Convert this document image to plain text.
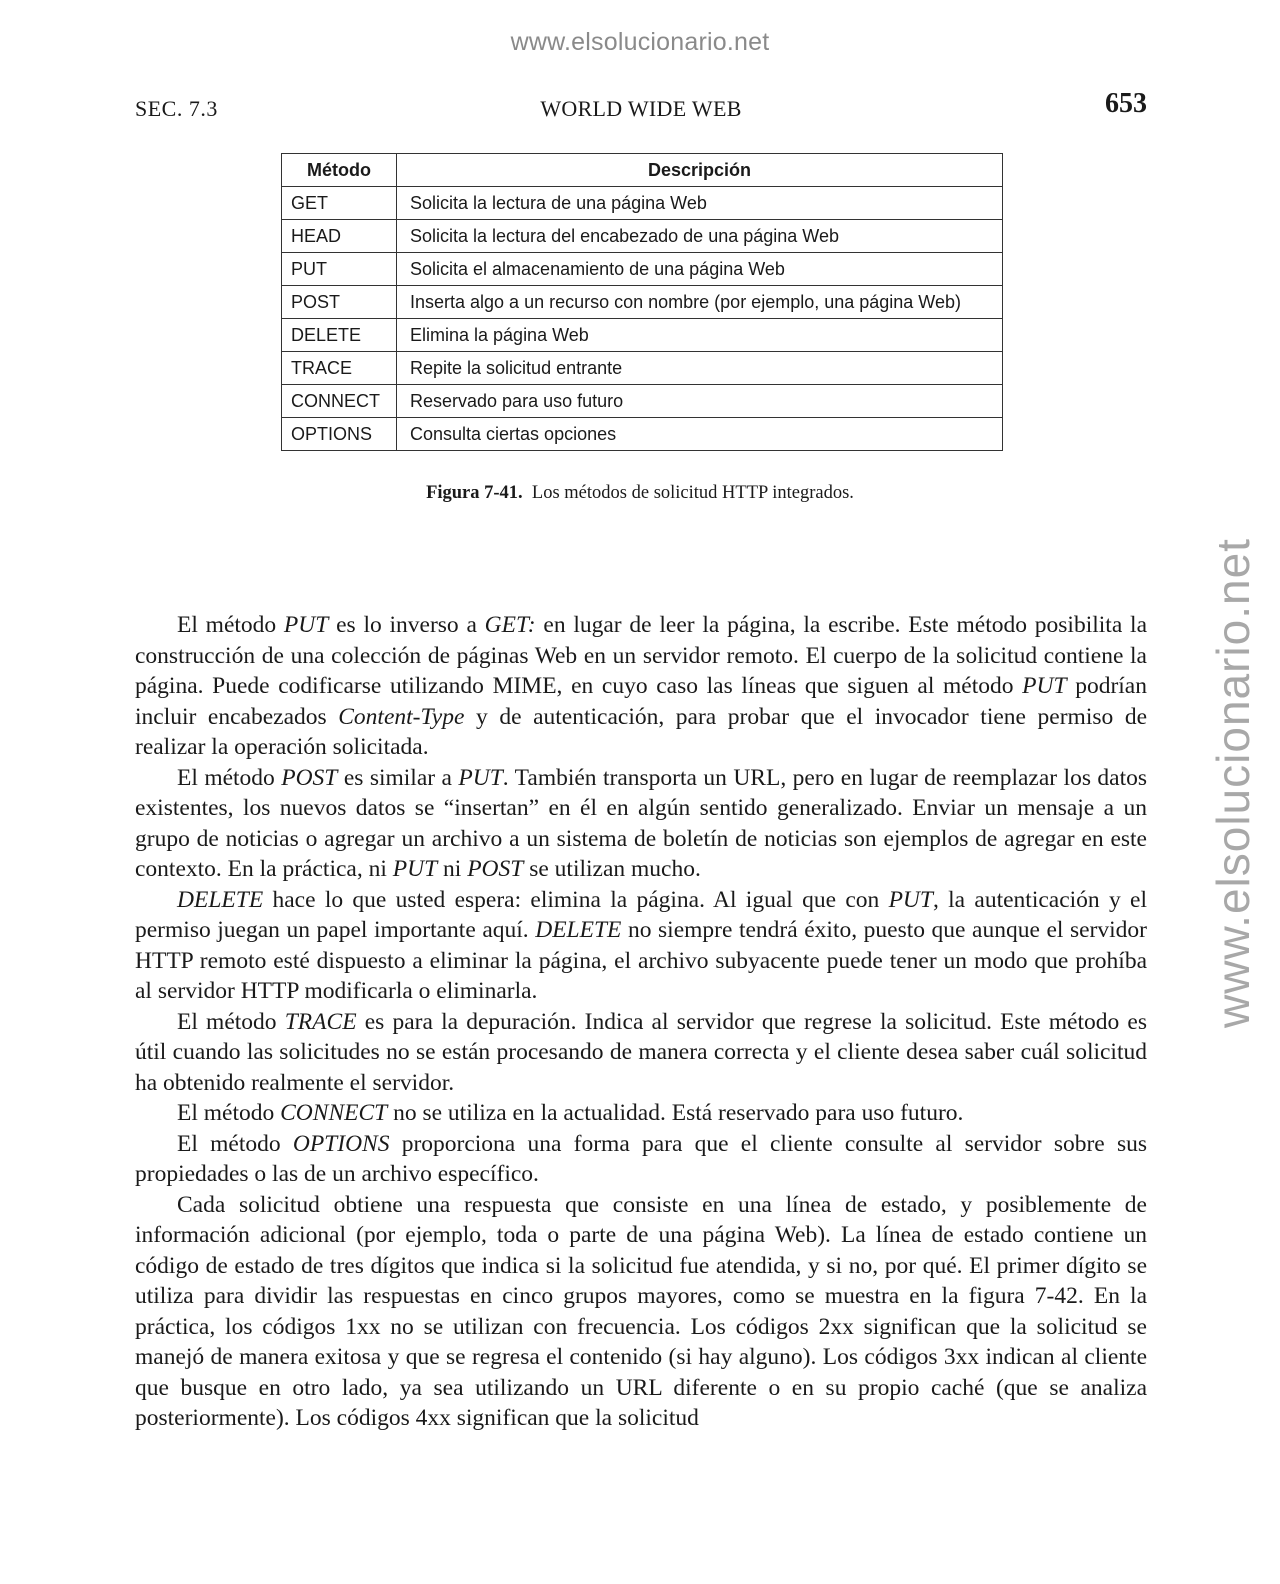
www.elsolucionario.net
www.elsolucionario.net
SEC. 7.3	WORLD WIDE WEB	653
Método	Descripción
GET	Solicita la lectura de una página Web
HEAD	Solicita la lectura del encabezado de una página Web
PUT	Solicita el almacenamiento de una página Web
POST	Inserta algo a un recurso con nombre (por ejemplo, una página Web)
DELETE	Elimina la página Web
TRACE	Repite la solicitud entrante
CONNECT	Reservado para uso futuro
OPTIONS	Consulta ciertas opciones
Figura 7-41. Los métodos de solicitud HTTP integrados.

El método PUT es lo inverso a GET: en lugar de leer la página, la escribe. Este método posibilita la construcción de una colección de páginas Web en un servidor remoto. El cuerpo de la solicitud contiene la página. Puede codificarse utilizando MIME, en cuyo caso las líneas que siguen al método PUT podrían incluir encabezados Content-Type y de autenticación, para probar que el invocador tiene permiso de realizar la operación solicitada.

El método POST es similar a PUT. También transporta un URL, pero en lugar de reemplazar los datos existentes, los nuevos datos se “insertan” en él en algún sentido generalizado. Enviar un mensaje a un grupo de noticias o agregar un archivo a un sistema de boletín de noticias son ejemplos de agregar en este contexto. En la práctica, ni PUT ni POST se utilizan mucho.

DELETE hace lo que usted espera: elimina la página. Al igual que con PUT, la autenticación y el permiso juegan un papel importante aquí. DELETE no siempre tendrá éxito, puesto que aunque el servidor HTTP remoto esté dispuesto a eliminar la página, el archivo subyacente puede tener un modo que prohíba al servidor HTTP modificarla o eliminarla.

El método TRACE es para la depuración. Indica al servidor que regrese la solicitud. Este método es útil cuando las solicitudes no se están procesando de manera correcta y el cliente desea saber cuál solicitud ha obtenido realmente el servidor.

El método CONNECT no se utiliza en la actualidad. Está reservado para uso futuro.

El método OPTIONS proporciona una forma para que el cliente consulte al servidor sobre sus propiedades o las de un archivo específico.

Cada solicitud obtiene una respuesta que consiste en una línea de estado, y posiblemente de información adicional (por ejemplo, toda o parte de una página Web). La línea de estado contiene un código de estado de tres dígitos que indica si la solicitud fue atendida, y si no, por qué. El primer dígito se utiliza para dividir las respuestas en cinco grupos mayores, como se muestra en la figura 7-42. En la práctica, los códigos 1xx no se utilizan con frecuencia. Los códigos 2xx significan que la solicitud se manejó de manera exitosa y que se regresa el contenido (si hay alguno). Los códigos 3xx indican al cliente que busque en otro lado, ya sea utilizando un URL diferente o en su propio caché (que se analiza posteriormente). Los códigos 4xx significan que la solicitud
